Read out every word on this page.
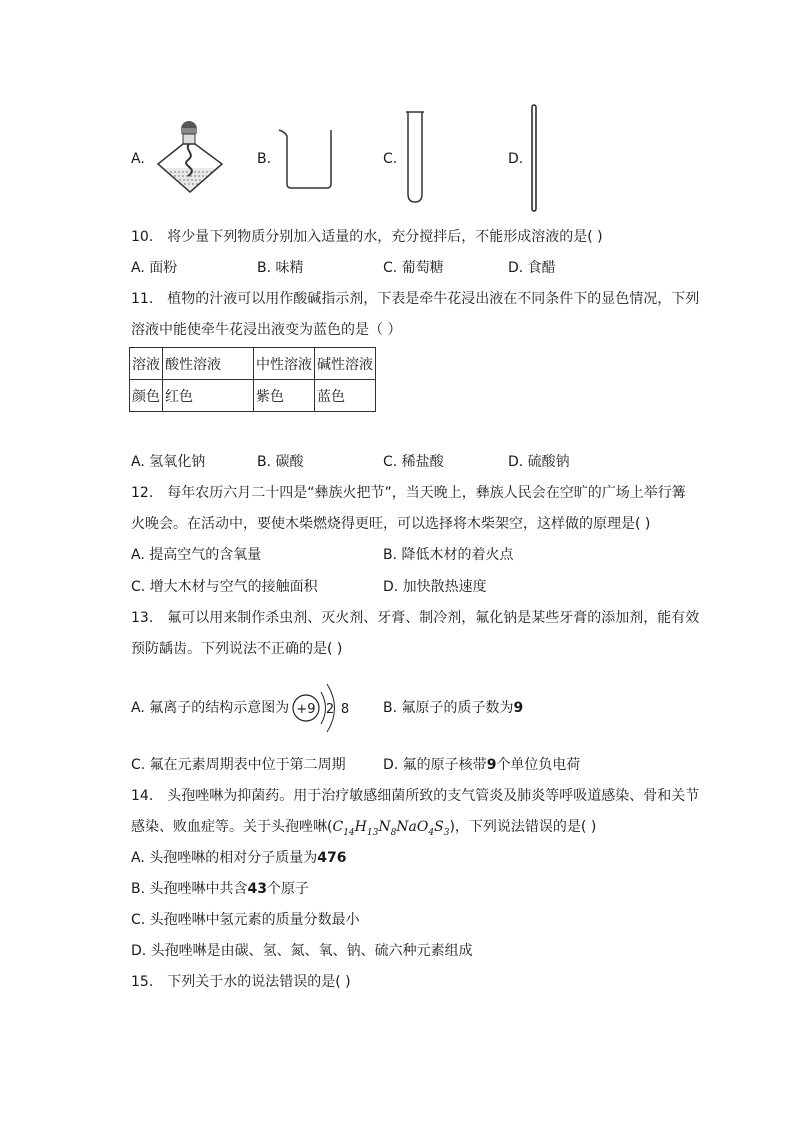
A.	B.	C.	D.
10. 将少量下列物质分别加入适量的水，充分搅拌后，不能形成溶液的是( )
A. 面粉	B. 味精	C. 葡萄糖	D. 食醋
11. 植物的汁液可以用作酸碱指示剂，下表是牵牛花浸出液在不同条件下的显色情况，下列
溶液中能使牵牛花浸出液变为蓝色的是（ ）
溶液	酸性溶液	中性溶液	碱性溶液
颜色	红色	紫色	蓝色
A. 氢氧化钠	B. 碳酸	C. 稀盐酸	D. 硫酸钠
12. 每年农历六月二十四是“彝族火把节”，当天晚上，彝族人民会在空旷的广场上举行篝
火晚会。在活动中，要使木柴燃烧得更旺，可以选择将木柴架空，这样做的原理是( )
A. 提高空气的含氧量	B. 降低木材的着火点
C. 增大木材与空气的接触面积	D. 加快散热速度
13. 氟可以用来制作杀虫剂、灭火剂、牙膏、制冷剂，氟化钠是某些牙膏的添加剂，能有效
预防龋齿。下列说法不正确的是( )
A. 氟离子的结构示意图为 +9 2 8 B. 氟原子的质子数为9
C. 氟在元素周期表中位于第二周期	D. 氟的原子核带9个单位负电荷
14. 头孢唑啉为抑菌药。用于治疗敏感细菌所致的支气管炎及肺炎等呼吸道感染、骨和关节
感染、败血症等。关于头孢唑啉$(C_{14}H_{13}N_8NaO_4S_3)$，下列说法错误的是( )
A. 头孢唑啉的相对分子质量为476
B. 头孢唑啉中共含43个原子
C. 头孢唑啉中氢元素的质量分数最小
D. 头孢唑啉是由碳、氢、氮、氧、钠、硫六种元素组成
15. 下列关于水的说法错误的是( )
